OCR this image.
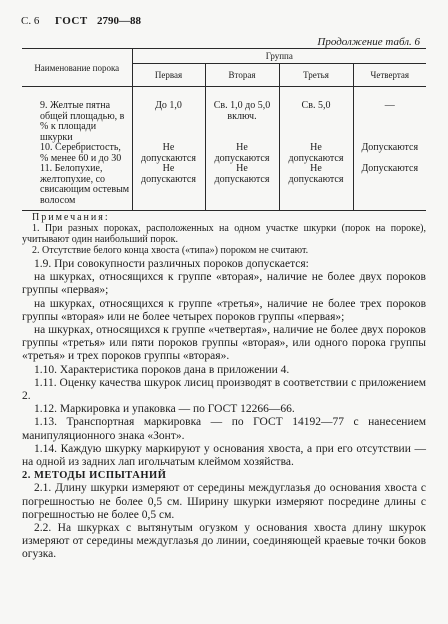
С. 6 ГОСТ 2790—88
Продолжение табл. 6
Наименование порока	Группа			
	Первая	Вторая	Третья	Четвертая
9. Желтые пятна общей площадью, в % к площади шкурки	До 1,0	Св. 1,0 до 5,0 включ.	Св. 5,0	—
10. Серебристость, % менее 60 и до 30	Не допускаются	Не допускаются	Не допускаются	Допускаются
11. Белопухие, желтопухие, со свисающим остевым волосом	Не допускаются	Не допускаются	Не допускаются	Допускаются
Примечания:

1. При разных пороках, расположенных на одном участке шкурки (порок на пороке), учитывают один наибольший порок.

2. Отсутствие белого конца хвоста («типа») пороком не считают.

1.9. При совокупности различных пороков допускается:

на шкурках, относящихся к группе «вторая», наличие не более двух пороков группы «первая»;

на шкурках, относящихся к группе «третья», наличие не более трех пороков группы «вторая» или не более четырех пороков группы «первая»;

на шкурках, относящихся к группе «четвертая», наличие не более двух пороков группы «третья» или пяти пороков группы «вторая», или одного порока группы «третья» и трех пороков группы «вторая».

1.10. Характеристика пороков дана в приложении 4.

1.11. Оценку качества шкурок лисиц производят в соответствии с приложением 2.

1.12. Маркировка и упаковка — по ГОСТ 12266—66.

1.13. Транспортная маркировка — по ГОСТ 14192—77 с нанесением манипуляционного знака «Зонт».

1.14. Каждую шкурку маркируют у основания хвоста, а при его отсутствии — на одной из задних лап игольчатым клеймом хозяйства.

2. МЕТОДЫ ИСПЫТАНИЙ

2.1. Длину шкурки измеряют от середины междуглазья до основания хвоста с погрешностью не более 0,5 см. Ширину шкурки измеряют посредине длины с погрешностью не более 0,5 см.

2.2. На шкурках с вытянутым огузком у основания хвоста длину шкурок измеряют от середины междуглазья до линии, соединяющей краевые точки боков огузка.
